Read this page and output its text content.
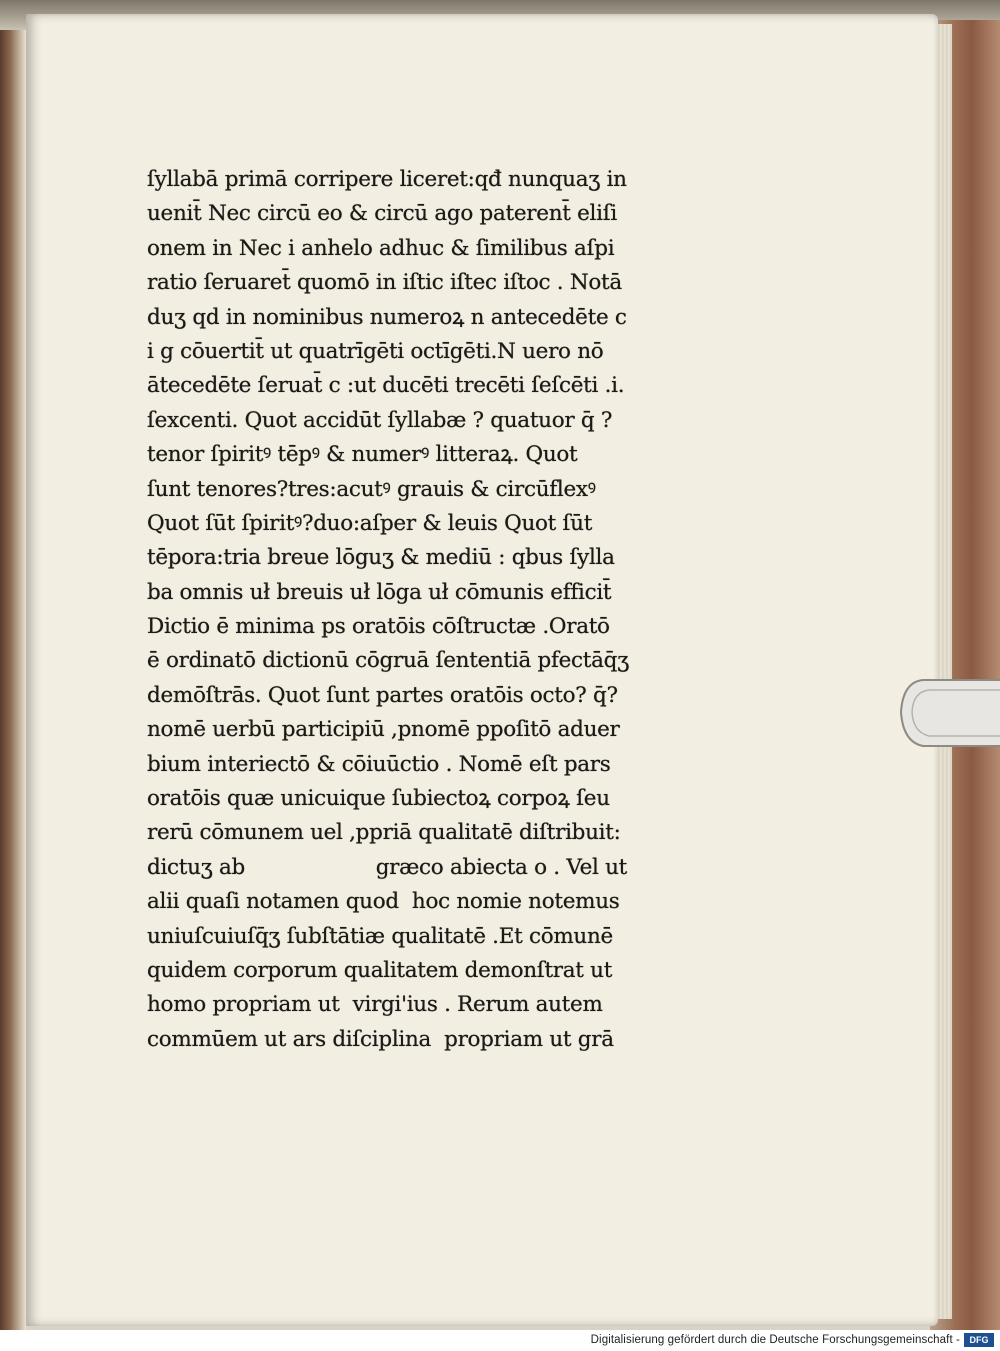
ſyllabā primā corripere liceret:qđ nunquaʒ in
uenit̄ Nec circū eo & circū ago paterent̄ eliſi
onem in Nec i anhelo adhuc & ſimilibus aſpi
ratio ſeruaret̄ quomō in iſtic iſtec iſtoc . Notā
duʒ qd in nominibus numeroꝝ n antecedēte c
i g cōuertit̄ ut quatrīgēti octīgēti.N uero nō
ātecedēte ſeruat̄ c :ut ducēti trecēti ſeſcēti .i.
ſexcenti. Quot accidūt ſyllabæ ? quatuor q̄ ?
tenor ſpiritꝰ tēpꝰ & numerꝰ litteraꝝ. Quot
ſunt tenores?tres:acutꝰ grauis & circūflexꝰ
Quot ſūt ſpiritꝰ?duo:aſper & leuis Quot ſūt
tēpora:tria breue lōguʒ & mediū : qbus ſylla
ba omnis uł breuis uł lōga uł cōmunis efficit̄
Dictio ē minima ps oratōis cōſtructæ .Oratō
ē ordinatō dictionū cōgruā ſententiā pfectāq̄ʒ
demōſtrās. Quot ſunt partes oratōis octo? q̄?
nomē uerbū participiū ,pnomē ppoſitō aduer
bium interiectō & cōiuūctio . Nomē eſt pars
oratōis quæ unicuique ſubiectoꝝ corpoꝝ ſeu
rerū cōmunem uel ,ppriā qualitatē diſtribuit:
dictuʒ ab                    græco abiecta o . Vel ut
alii quaſi notamen quod  hoc nomie notemus
uniuſcuiuſq̄ʒ ſubſtātiæ qualitatē .Et cōmunē
quidem corporum qualitatem demonſtrat ut
homo propriam ut  virgi'ius . Rerum autem
commūem ut ars diſciplina  propriam ut grā
Digitalisierung gefördert durch die Deutsche Forschungsgemeinschaft -	DFG
